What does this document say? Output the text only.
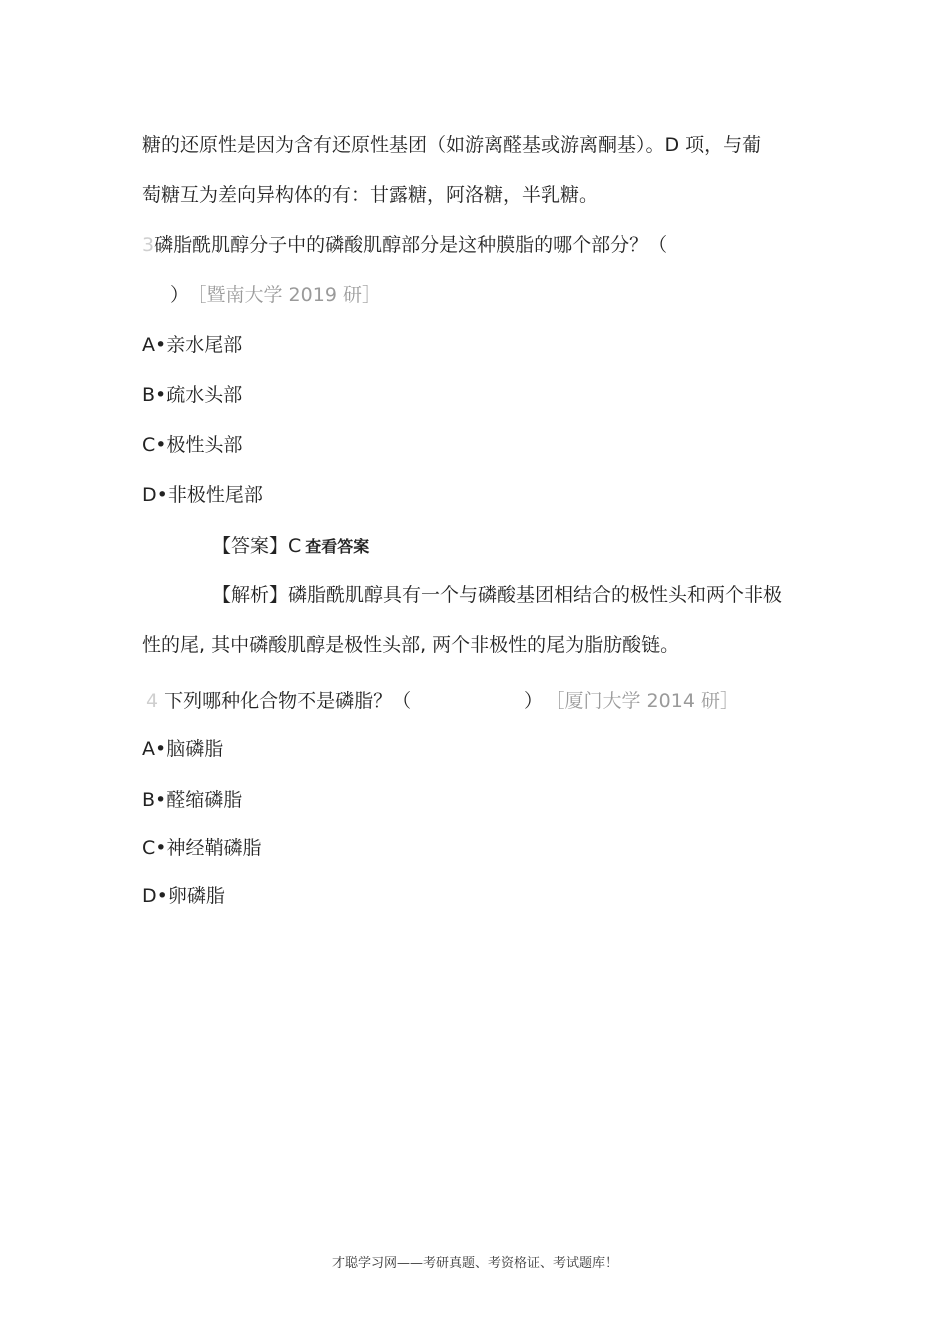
糖的还原性是因为含有还原性基团（如游离醛基或游离酮基）。D 项，与葡
萄糖互为差向异构体的有：甘露糖，阿洛糖，半乳糖。
3磷脂酰肌醇分子中的磷酸肌醇部分是这种膜脂的哪个部分？（
） ［暨南大学 2019 研］
A•亲水尾部
B•疏水头部
C•极性头部
D•非极性尾部
【答案】C 查看答案
【解析】磷脂酰肌醇具有一个与磷酸基团相结合的极性头和两个非极
性的尾, 其中磷酸肌醇是极性头部, 两个非极性的尾为脂肪酸链。
4 下列哪种化合物不是磷脂？（	） ［厦门大学 2014 研］
A•脑磷脂
B•醛缩磷脂
C•神经鞘磷脂
D•卵磷脂
才聪学习网——考研真题、考资格证、考试题库！
